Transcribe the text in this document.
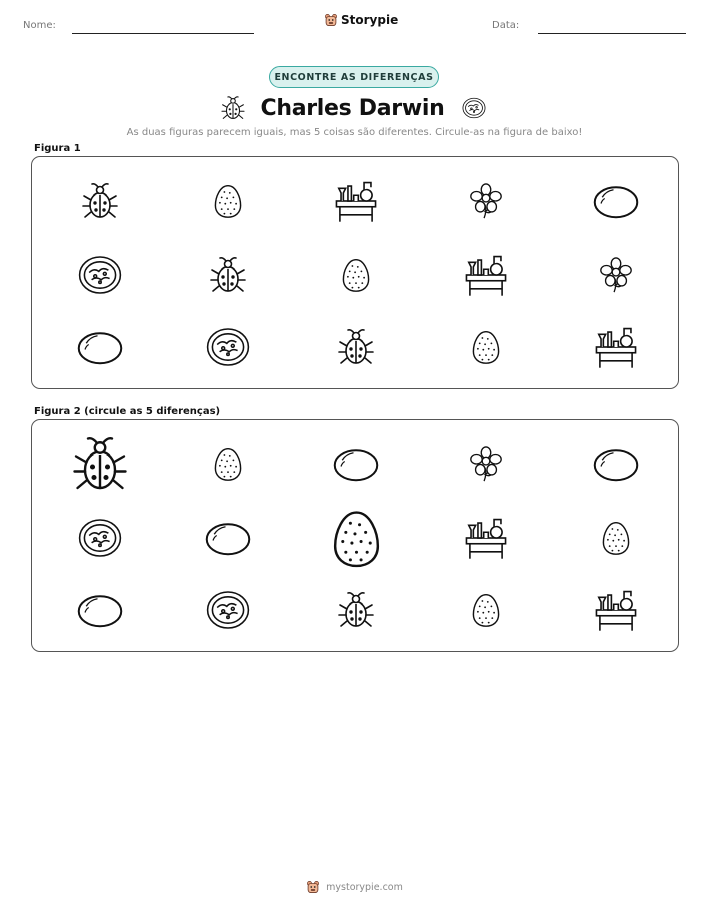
Nome:	Storypie	Data:
ENCONTRE AS DIFERENÇAS
Charles Darwin
As duas figuras parecem iguais, mas 5 coisas são diferentes. Circule-as na figura de baixo!
Figura 1
Figura 2 (circule as 5 diferenças)
mystorypie.com
